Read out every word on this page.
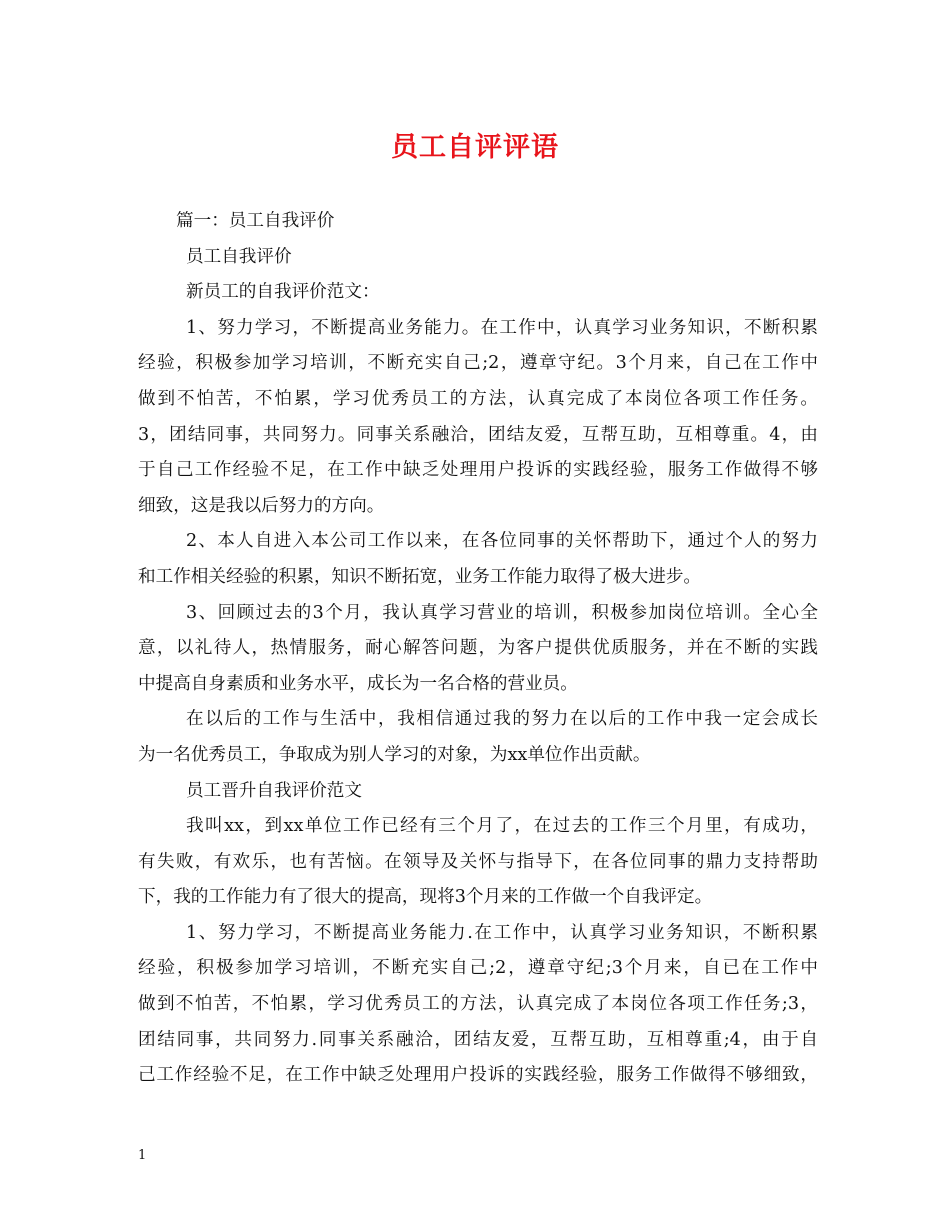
员工自评评语

篇一：员工自我评价

员工自我评价

新员工的自我评价范文：

1、努力学习，不断提高业务能力。在工作中，认真学习业务知识，不断积累

经验，积极参加学习培训，不断充实自己;2，遵章守纪。3个月来，自己在工作中

做到不怕苦，不怕累，学习优秀员工的方法，认真完成了本岗位各项工作任务。

3，团结同事，共同努力。同事关系融洽，团结友爱，互帮互助，互相尊重。4，由

于自己工作经验不足，在工作中缺乏处理用户投诉的实践经验，服务工作做得不够

细致，这是我以后努力的方向。

2、本人自进入本公司工作以来，在各位同事的关怀帮助下，通过个人的努力

和工作相关经验的积累，知识不断拓宽，业务工作能力取得了极大进步。

3、回顾过去的3个月，我认真学习营业的培训，积极参加岗位培训。全心全

意，以礼待人，热情服务，耐心解答问题，为客户提供优质服务，并在不断的实践

中提高自身素质和业务水平，成长为一名合格的营业员。

在以后的工作与生活中，我相信通过我的努力在以后的工作中我一定会成长

为一名优秀员工，争取成为别人学习的对象，为xx单位作出贡献。

员工晋升自我评价范文

我叫xx，到xx单位工作已经有三个月了，在过去的工作三个月里，有成功，

有失败，有欢乐，也有苦恼。在领导及关怀与指导下，在各位同事的鼎力支持帮助

下，我的工作能力有了很大的提高，现将3个月来的工作做一个自我评定。

1、努力学习，不断提高业务能力.在工作中，认真学习业务知识，不断积累

经验，积极参加学习培训，不断充实自己;2，遵章守纪;3个月来，自已在工作中

做到不怕苦，不怕累，学习优秀员工的方法，认真完成了本岗位各项工作任务;3，

团结同事，共同努力.同事关系融洽，团结友爱，互帮互助，互相尊重;4，由于自

己工作经验不足，在工作中缺乏处理用户投诉的实践经验，服务工作做得不够细致，

1
